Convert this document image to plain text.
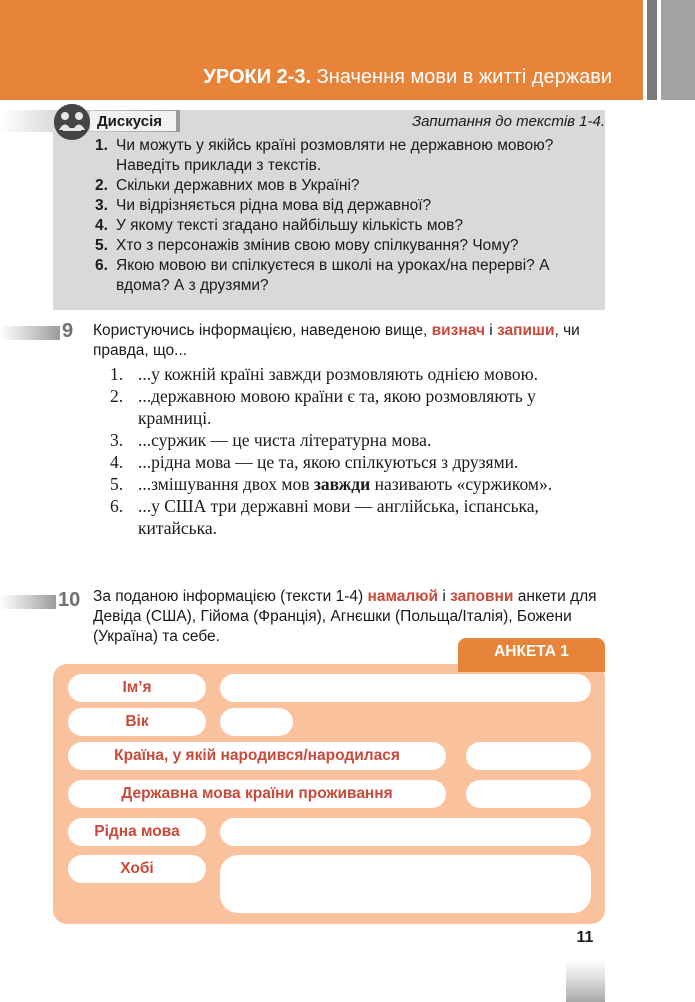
УРОКИ 2-3. Значення мови в житті держави
Дискусія	Запитання до текстів 1-4.
1. Чи можуть у якійсь країні розмовляти не державною мовою? Наведіть приклади з текстів.
2. Скільки державних мов в Україні?
3. Чи відрізняється рідна мова від державної?
4. У якому тексті згадано найбільшу кількість мов?
5. Хто з персонажів змінив свою мову спілкування? Чому?
6. Якою мовою ви спілкуєтеся в школі на уроках/на перерві? А вдома? А з друзями?
9 Користуючись інформацією, наведеною вище, визнач і запиши, чи правда, що...
1. ...у кожній країні завжди розмовляють однією мовою.
2. ...державною мовою країни є та, якою розмовляють у крамниці.
3. ...суржик — це чиста літературна мова.
4. ...рідна мова — це та, якою спілкуються з друзями.
5. ...змішування двох мов завжди називають «суржиком».
6. ...у США три державні мови — англійська, іспанська, китайська.
10 За поданою інформацією (тексти 1-4) намалюй і заповни анкети для Девіда (США), Гійома (Франція), Агнєшки (Польща/Італія), Божени (Україна) та себе.
АНКЕТА 1
Ім’я
Вік
Країна, у якій народився/народилася
Державна мова країни проживання
Рідна мова
Хобі
11
